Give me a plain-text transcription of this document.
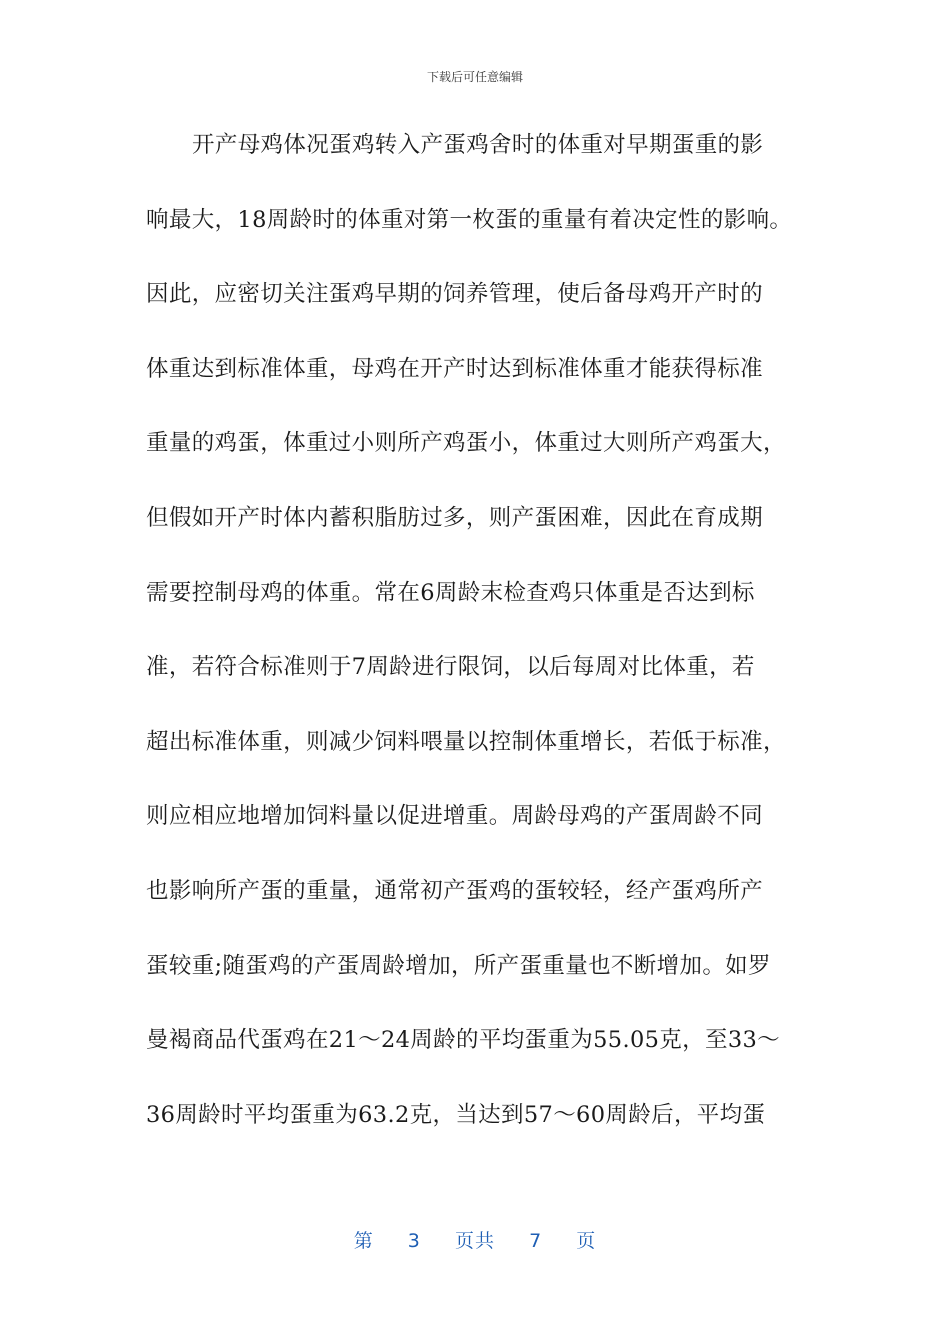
下载后可任意编辑
开产母鸡体况蛋鸡转入产蛋鸡舍时的体重对早期蛋重的影
响最大，18周龄时的体重对第一枚蛋的重量有着决定性的影响。
因此，应密切关注蛋鸡早期的饲养管理，使后备母鸡开产时的
体重达到标准体重，母鸡在开产时达到标准体重才能获得标准
重量的鸡蛋，体重过小则所产鸡蛋小，体重过大则所产鸡蛋大，
但假如开产时体内蓄积脂肪过多，则产蛋困难，因此在育成期
需要控制母鸡的体重。常在6周龄末检查鸡只体重是否达到标
准，若符合标准则于7周龄进行限饲，以后每周对比体重，若
超出标准体重，则减少饲料喂量以控制体重增长，若低于标准，
则应相应地增加饲料量以促进增重。周龄母鸡的产蛋周龄不同
也影响所产蛋的重量，通常初产蛋鸡的蛋较轻，经产蛋鸡所产
蛋较重;随蛋鸡的产蛋周龄增加，所产蛋重量也不断增加。如罗
曼褐商品代蛋鸡在21～24周龄的平均蛋重为55.05克，至33～
36周龄时平均蛋重为63.2克，当达到57～60周龄后，平均蛋
第 3 页共 7 页
